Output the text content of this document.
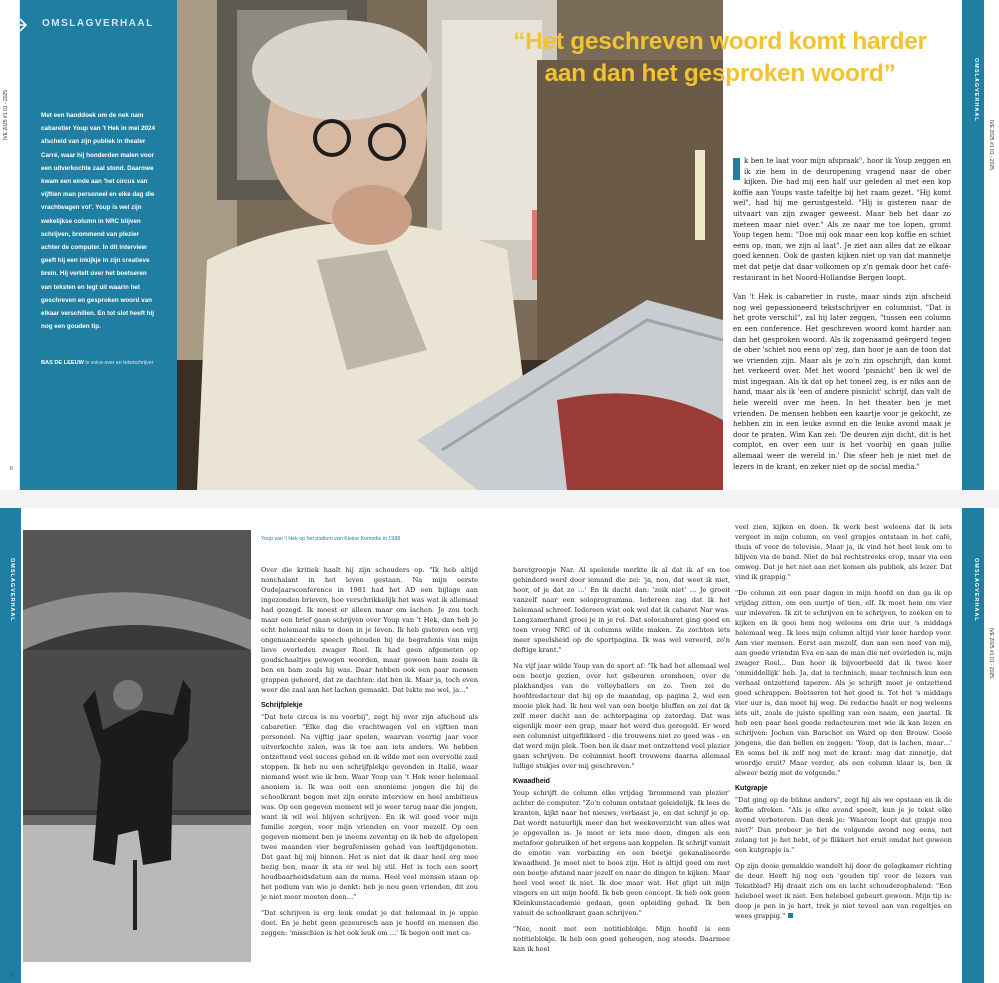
OMSLAGVERHAAL
IVE 2025 #1 01 - 2025	Met een handdoek om de nek nam cabaretier Youp van 't Hek in mei 2024 afscheid van zijn publiek in theater Carré, waar hij honderden malen voor een uitverkochte zaal stond. Daarmee kwam een einde aan 'het circus van vijftien man personeel en elke dag die vrachtwagen vol'. Youp is wel zijn wekelijkse column in NRC blijven schrijven, brommend van plezier achter de computer. In dit interview geeft hij een inkijkje in zijn creatieve brein. Hij vertelt over het boetseren van teksten en legt uit waarin het geschreven en gesproken woord van elkaar verschillen. En tot slot heeft hij nog een gouden tip.
BAS DE LEEUW is voice-over en tekstschrijver
6
“Het geschreven woord komt harder aan dan het gesproken woord”

k ben te laat voor mijn afspraak", hoor ik Youp zeggen en ik zie hem in de deuropening vragend naar de ober kijken. Die had mij een half uur geleden al met een kop koffie aan Youps vaste tafeltje bij het raam gezet. "Hij komt wel", had hij me gerustgesteld. "Hij is gisteren naar de uitvaart van zijn zwager geweest. Maar heb het daar zo meteen maar niet over." Als ze naar me toe lopen, gromt Youp tegen hem: "Doe mij ook maar een kop koffie en schiet eens op, man, we zijn al laat". Je ziet aan alles dat ze elkaar goed kennen. Ook de gasten kijken niet op van dat mannetje met dat petje dat daar volkomen op z'n gemak door het café-restaurant in het Noord-Hollandse Bergen loopt.

Van 't Hek is cabaretier in ruste, maar sinds zijn afscheid nog wel gepassioneerd tekstschrijver en columnist. "Dat is het grote verschil", zal hij later zeggen, "tussen een column en een conference. Het geschreven woord komt harder aan dan het gesproken woord. Als ik zogenaamd geërgerd tegen de ober 'schiet nou eens op' zeg, dan hoor je aan de toon dat we vrienden zijn. Maar als je zo'n zin opschrijft, dan komt het verkeerd over. Met het woord 'pisnicht' ben ik wel de mist ingegaan. Als ik dat op het toneel zeg, is er niks aan de hand, maar als ik 'een of andere pisnicht' schrijf, dan valt de hele wereld over me heen. In het theater ben je met vrienden. De mensen hebben een kaartje voor je gekocht, ze hebben zin in een leuke avond en die leuke avond maak je door te praten. Wim Kan zei: 'De deuren zijn dicht, dit is het complot, en over een uur is het voorbij en gaan jullie allemaal weer de wereld in.' Die sfeer heb je niet met de lezers in de krant, en zeker niet op de social media."

OMSLAGVERHAAL
IVE 2025 #1 01 - 2025
OMSLAGVERHAAL
Youp van 't Hek op het podium van Kleine Komedie in 1988

Over die kritiek haalt hij zijn schouders op. "Ik heb altijd nonchalant in het leven gestaan. Na mijn eerste Oudejaarsconference in 1981 had het AD een bijlage aan ingezonden brieven, hoe verschrikkelijk het was wat ik allemaal had gezegd. Ik moest er alleen maar om lachen. Je zou toch maar een brief gaan schrijven over Youp van 't Hek, dan heb je echt helemaal niks te doen in je leven. Ik heb gisteren een vrij ongenuanceerde speech gehouden bij de begrafenis van mijn lieve overleden zwager Roel. Ik had geen afgemeten op goudschaaltjes gewogen woorden, maar gewoon bam zoals ik ben en bam zoals hij was. Daar hebben ook een paar mensen grappen gehoord, dat ze dachten: dat ben ik. Maar ja, toch even weer die zaal aan het lachen gemaakt. Dat lukte me wel, ja…"

Schrijfplekje

"Dat hele circus is nu voorbij", zegt hij over zijn afscheid als cabaretier. "Elke dag die vrachtwagen vol en vijftien man personeel. Na vijftig jaar spelen, waarvan veertig jaar voor uitverkochte zalen, was ik toe aan iets anders. We hebben ontzettend veel succes gehad en ik wilde met een overvolle zaal stoppen. Ik heb nu een schrijfplekje gevonden in Italië, waar niemand weet wie ik ben. Waar Youp van 't Hek weer helemaal anoniem is. Ik was ooit een anonieme jongen die bij de schoolkrant begon met zijn eerste interview en heel ambitieus was. Op een gegeven moment wil je weer terug naar die jongen, want ik wil wel blijven schrijven. En ik wil goed voor mijn familie zorgen, voor mijn vrienden en voor mezelf. Op een gegeven moment ben je ineens zeventig en ik heb de afgelopen twee maanden vier begrafenissen gehad van leeftijdgenoten. Dat gaat bij mij binnen. Het is niet dat ik daar heel erg mee bezig ben, maar ik sta er wel bij stil. Het is toch een soort houdbaarheidsdatum aan de mens. Heel veel mensen staan op het podium van wie je denkt: heb je nou geen vrienden, dit zou je niet meer moeten doen…"

"Dat schrijven is erg leuk omdat je dat helemaal in je uppie doet. En je hebt geen gezeuresch aan je hoofd en mensen die zeggen: 'misschien is het ook leuk om …' Ik begon ooit met ca-

baretgroepje Nar. Al spelende merkte ik al dat ik af en toe gehinderd werd door iemand die zei: 'ja, nou, dat weet ik niet, hoor, of je dat zo …' En ik dacht dan: 'zeik niet' … Je groeit vanzelf naar een soloprogramma. Iedereen zag dat ik het helemaal schreef. Iedereen wist ook wel dat ik cabaret Nar was. Langzamerhand groei je in je rol. Dat solocabaret ging goed en toen vroeg NRC of ik columns wilde maken. Ze zochten iets meer speelsheid op de sportpagina. Ik was wel vereerd, zo'n deftige krant."

Na vijf jaar wilde Youp van de sport af: "Ik had het allemaal wel een beetje gezien, over het gebeuren eromheen, over de plakhandjes van de volleyballers en zo. Toen zei de hoofdredacteur dat hij op de maandag, op pagina 2, wel een mooie plek had. Ik hou wel van een beetje bluffen en zei dat ik zelf meer dacht aan de achterpagina op zaterdag. Dat was eigenlijk meer een grap, maar het werd dus geregeld. Er werd een columnist uitgeflikkerd - die trouwens niet zo goed was - en dat werd mijn plek. Toen ben ik daar met ontzettend veel plezier gaan schrijven. De columnist heeft trouwens daarna allemaal lullige stukjes over mij geschreven."

Kwaadheid

Youp schrijft de column elke vrijdag 'brommend van plezier' achter de computer. "Zo'n column ontstaat geleidelijk. Ik lees de kranten, kijkt naar het nieuws, verbaast je, en dat schrijf je op. Dat wordt natuurlijk meer dan het weekoverzicht van alles wat je opgevallen is. Je moet er iets mee doen, dingen als een metafoor gebruiken of het ergens aan koppelen. Ik schrijf vanuit de emotie van verbazing en een beetje gekanaliseerde kwaadheid. Je moet niet te boos zijn. Het is altijd goed om met een beetje afstand naar jezelf en naar de dingen te kijken. Maar heel veel weet ik niet. Ik doe maar wat. Het glipt uit mijn vingers en uit mijn hoofd. Ik heb geen concept. Ik heb ook geen Kleinkunstacademie gedaan, geen opleiding gehad. Ik ben vanuit de schoolkrant gaan schrijven."

"Nee, nooit met een notitieblokje. Mijn hoofd is een notitieblokje. Ik heb een goed geheugen, nog steeds. Daarmee kan ik heel

veel zien, kijken en doen. Ik werk best weleens dat ik iets vergeet in mijn column, en veel grapjes ontstaan in het café, thuis of voor de televisie. Maar ja, ik vind het heel leuk om te blijven via de band. Niet de bal rechtstreeks erop, maar via een omweg. Dat je het niet aan ziet komen als publiek, als lezer. Dat vind ik grappig."

"De column zit een paar dagen in mijn hoofd en dan ga ik op vrijdag zitten, om een uurtje of tien, elf. Ik moet hem om vier uur inleveren. Ik zit te schrijven en te schrijven, te zoeken en te kijken en ik gooi hem nog weleens om drie uur 's middags helemaal weg. Ik lees mijn column altijd vier keer hardop voor. Aan vier mensen. Eerst aan mezelf, dan aan een neef van mij, aan goede vriendin Eva en aan de man die net overleden is, mijn zwager Roel… Dan hoor ik bijvoorbeeld dat ik twee keer 'onmiddellijk' heb. Ja, dat is technisch, maar technisch kun een verhaal ontzettend taperen. Als je schrijft moet je ontzettend goed schrappen. Boetseren tot het goed is. Tot het 's middags vier uur is, dan moet hij weg. De redactie haalt er nog weleens iets uit, zoals de juiste spelling van een naam, een jaartal. Ik heb een paar heel goede redacteuren met wie ik kan lezen en schrijven: Jochen van Barschot en Ward op den Brouw. Goeie jongens, die dan bellen en zeggen: 'Youp, dat is lachen, maar…' En soms bel ik zelf nog met de krant: mag dat zinnetje, dat woordje eruit? Maar verder, als een column klaar is, ben ik alweer bezig met de volgende."

Kutgrapje

"Dat ging op de bühne anders", zegt hij als we opstaan en ik de koffie afreken. "Als je elke avond speelt, kun je je tekst elke avond verbeteren. Dan denk je: 'Waarom loopt dat grapje nou niet?' Dan probeer je het de volgende avond nog eens, net zolang tot je het hebt, of je flikkert het eruit omdat het gewoon een kutgrapje is."

Op zijn dooie gemakkie wandelt hij door de gelagkamer richting de deur. Heeft hij nog een 'gouden tip' voor de lezers van Tekstblad? Hij draait zich om en lacht schouderophalend: "Een heleboel weet ik niet. Een heleboel gebeurt gewoon. Mijn tip is: doop je pen in je hart, trek je niet teveel aan van regeltjes en wees grappig."

8
OMSLAGVERHAAL
IVE 2025 #1 01 - 2025
